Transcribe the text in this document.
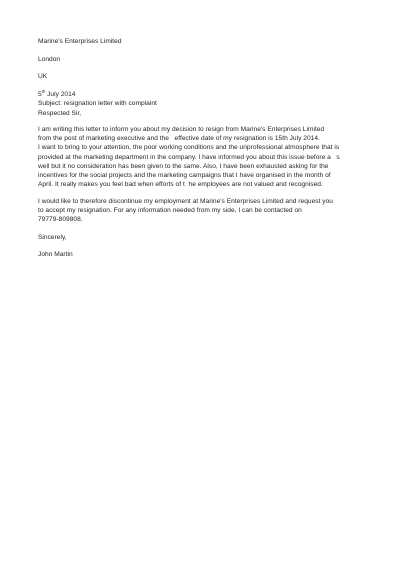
Marine's Enterprises Limited
London
UK
5th July 2014
Subject: resignation letter with complaint
Respected Sir,
I am writing this letter to inform you about my decision to resign from Marine's Enterprises Limited
from the post of marketing executive and the   effective date of my resignation is 15th July 2014.
I want to bring to your attention, the poor working conditions and the unprofessional atmosphere that is
provided at the marketing department in the company. I have informed you about this issue before a   s
well but it no consideration has been given to the same. Also, I have been exhausted asking for the
incentives for the social projects and the marketing campaigns that I have organised in the month of
April. It really makes you feel bad when efforts of t  he employees are not valued and recognised.
I would like to therefore discontinue my employment at Marine's Enterprises Limited and request you
to accept my resignation. For any information needed from my side, I can be contacted on
79779-809808.
Sincerely,
John Martin
